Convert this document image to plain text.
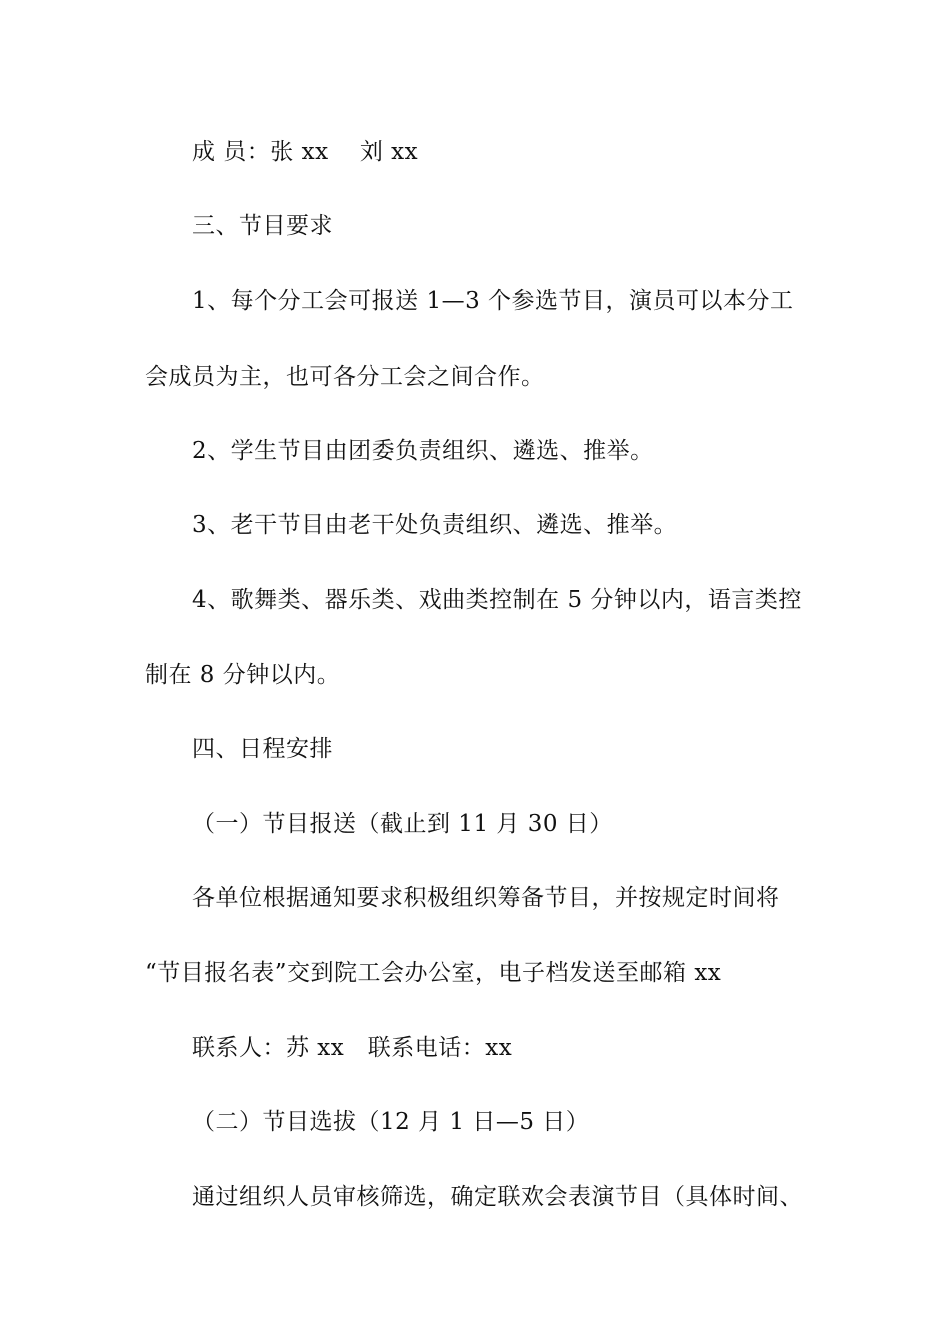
成 员：张 xx　 刘 xx
三、节目要求
1、每个分工会可报送 1—3 个参选节目，演员可以本分工
会成员为主，也可各分工会之间合作。
2、学生节目由团委负责组织、遴选、推举。
3、老干节目由老干处负责组织、遴选、推举。
4、歌舞类、器乐类、戏曲类控制在 5 分钟以内，语言类控
制在 8 分钟以内。
四、日程安排
（一）节目报送（截止到 11 月 30 日）
各单位根据通知要求积极组织筹备节目，并按规定时间将
“节目报名表”交到院工会办公室，电子档发送至邮箱 xx
联系人：苏 xx　联系电话：xx
（二）节目选拔（12 月 1 日—5 日）
通过组织人员审核筛选，确定联欢会表演节目（具体时间、
